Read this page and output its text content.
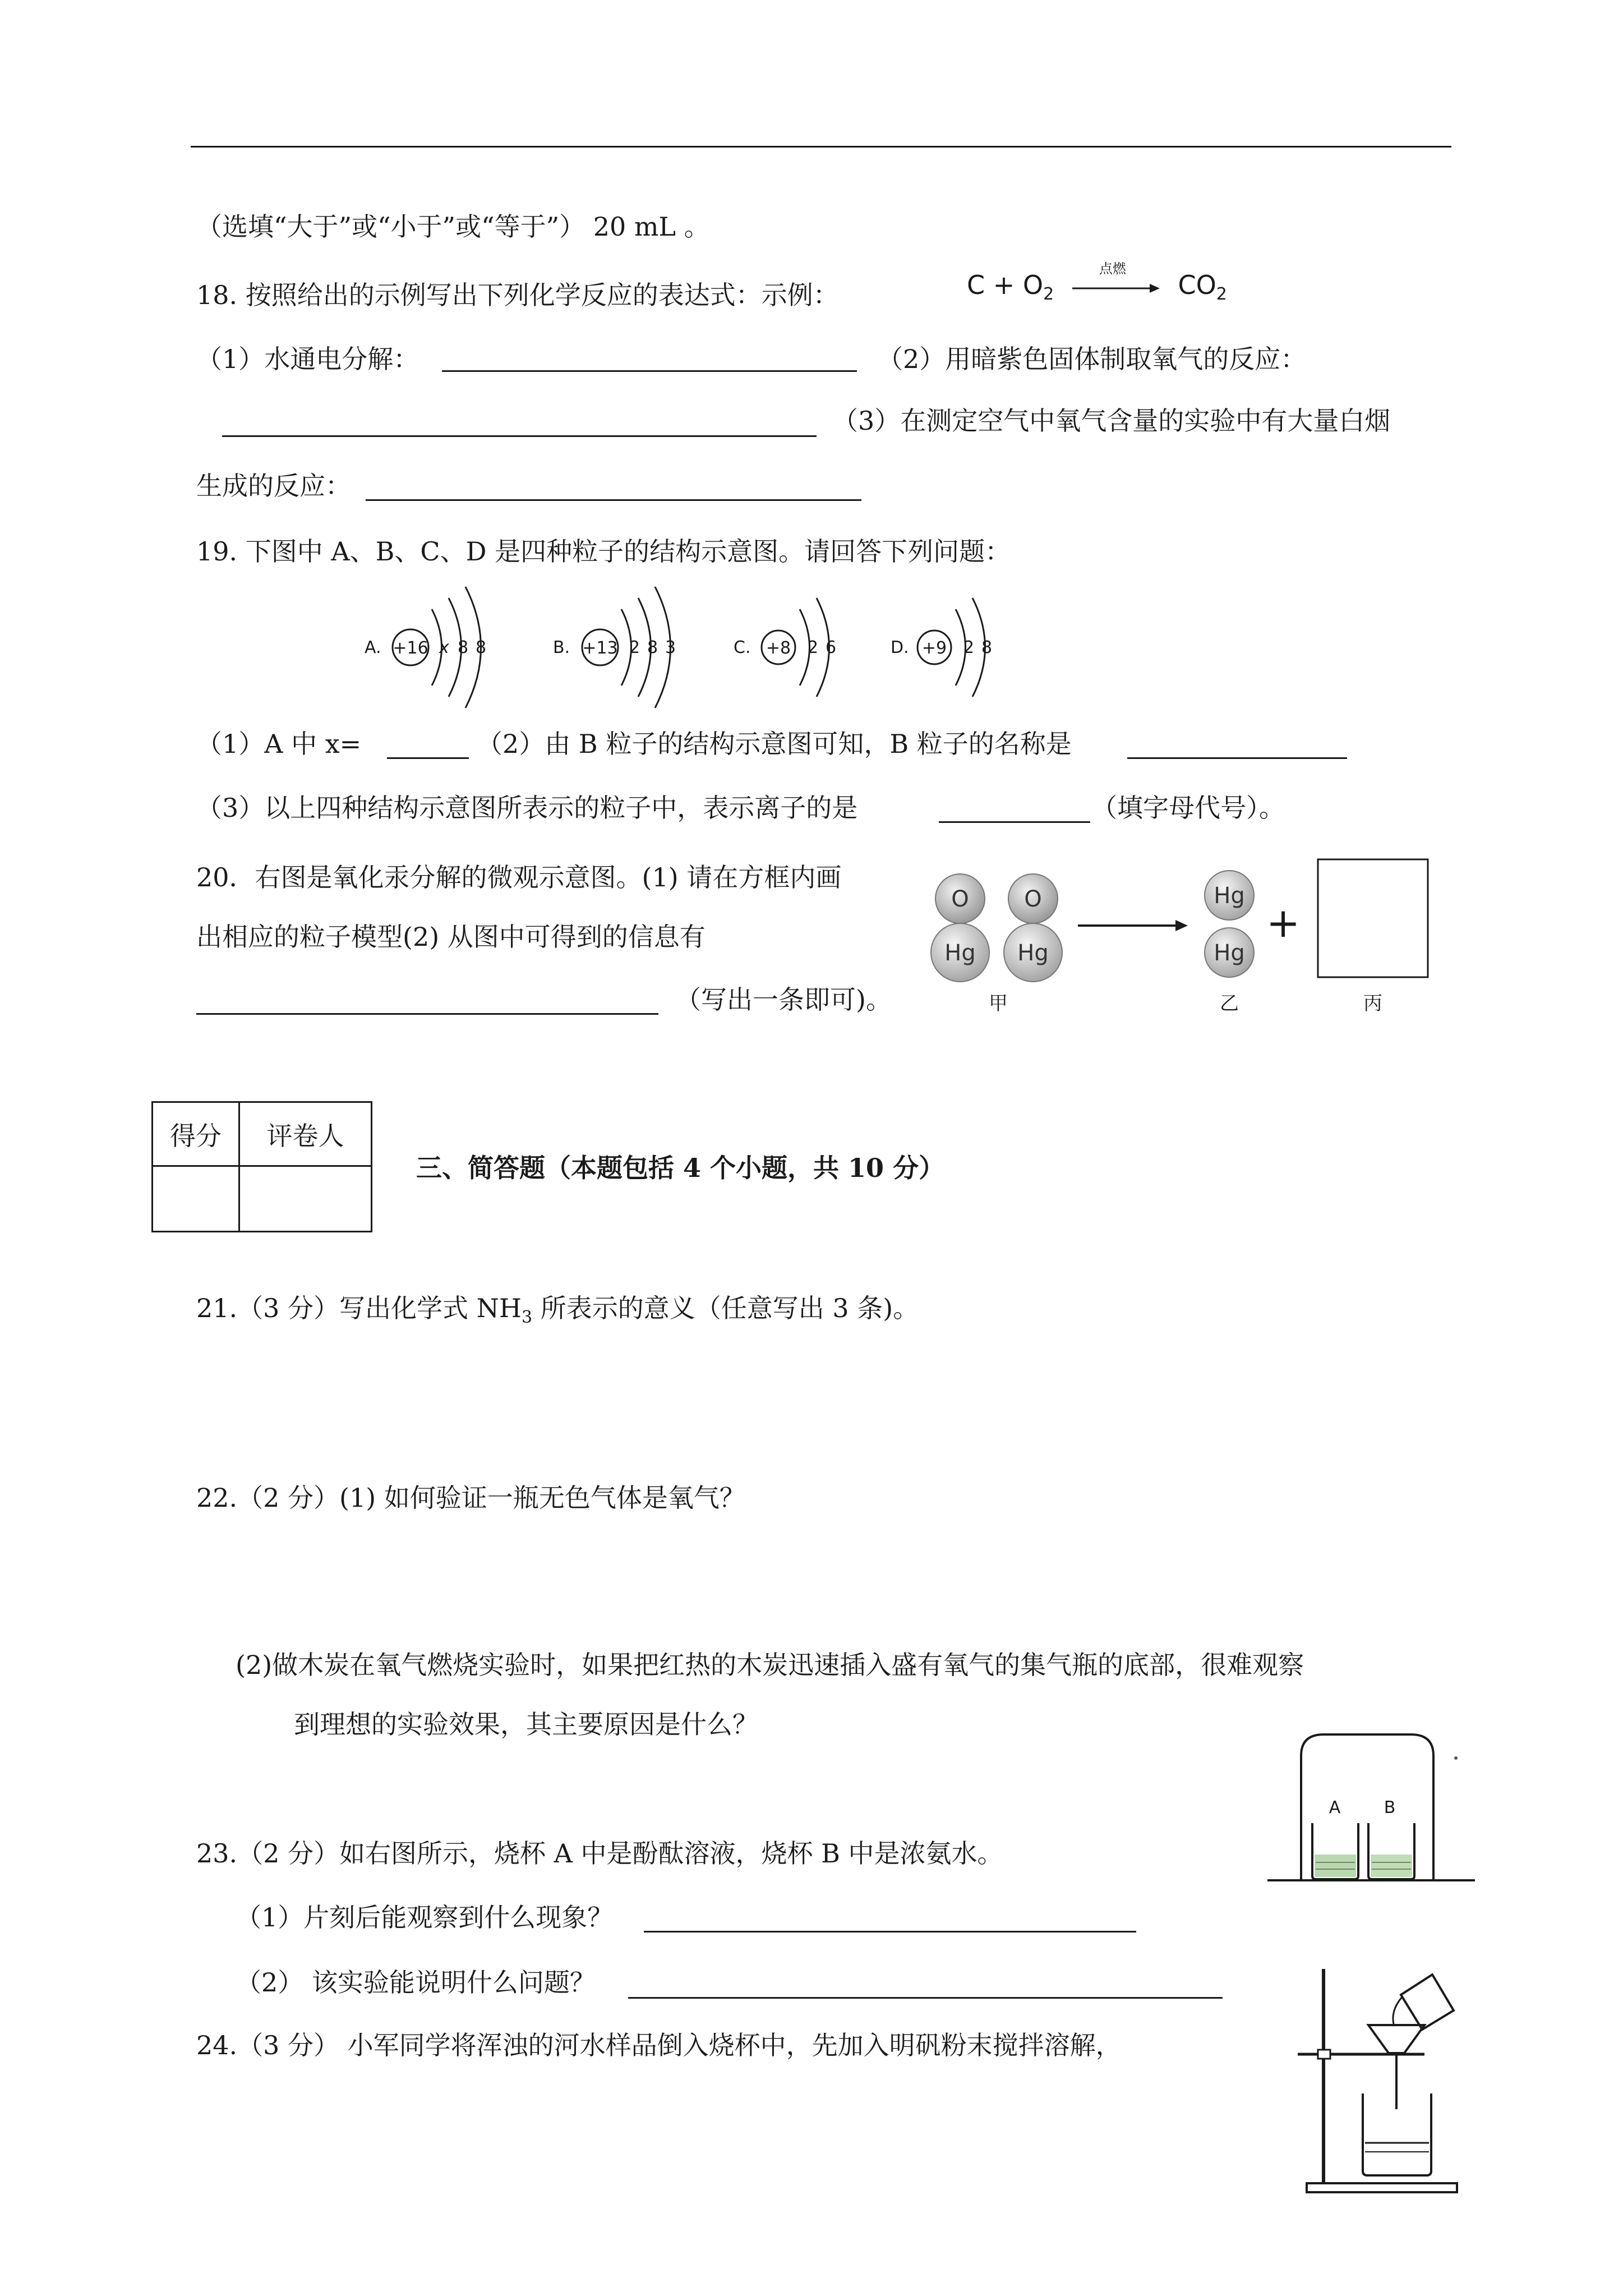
（选填“大于”或“小于”或“等于”） 20 mL 。
18. 按照给出的示例写出下列化学反应的表达式：示例：	$C + O_2$
点燃
$CO_2$
（1）水通电分解：	（2）用暗紫色固体制取氧气的反应：
（3）在测定空气中氧气含量的实验中有大量白烟
生成的反应：
19. 下图中 A、B、C、D 是四种粒子的结构示意图。请回答下列问题：
A. +16 x 8 8	B. +13 2 8 3	C. +8 2 6	D. +9 2 8
（1）A 中 x=	（2）由 B 粒子的结构示意图可知，B 粒子的名称是
（3）以上四种结构示意图所表示的粒子中，表示离子的是	（填字母代号）。
20．右图是氧化汞分解的微观示意图。(1) 请在方框内画
出相应的粒子模型(2) 从图中可得到的信息有
（写出一条即可)。
O
Hg
O
Hg
Hg
Hg
+
甲	乙	丙
得分	评卷人

三、简答题（本题包括 4 个小题，共 10 分）
21.（3 分）写出化学式 $NH_3$ 所表示的意义（任意写出 3 条)。
22.（2 分）(1) 如何验证一瓶无色气体是氧气？
(2)做木炭在氧气燃烧实验时，如果把红热的木炭迅速插入盛有氧气的集气瓶的底部，很难观察
到理想的实验效果，其主要原因是什么？
23.（2 分）如右图所示，烧杯 A 中是酚酞溶液，烧杯 B 中是浓氨水。
（1）片刻后能观察到什么现象？
（2） 该实验能说明什么问题？
A	B
24.（3 分） 小军同学将浑浊的河水样品倒入烧杯中，先加入明矾粉末搅拌溶解，
